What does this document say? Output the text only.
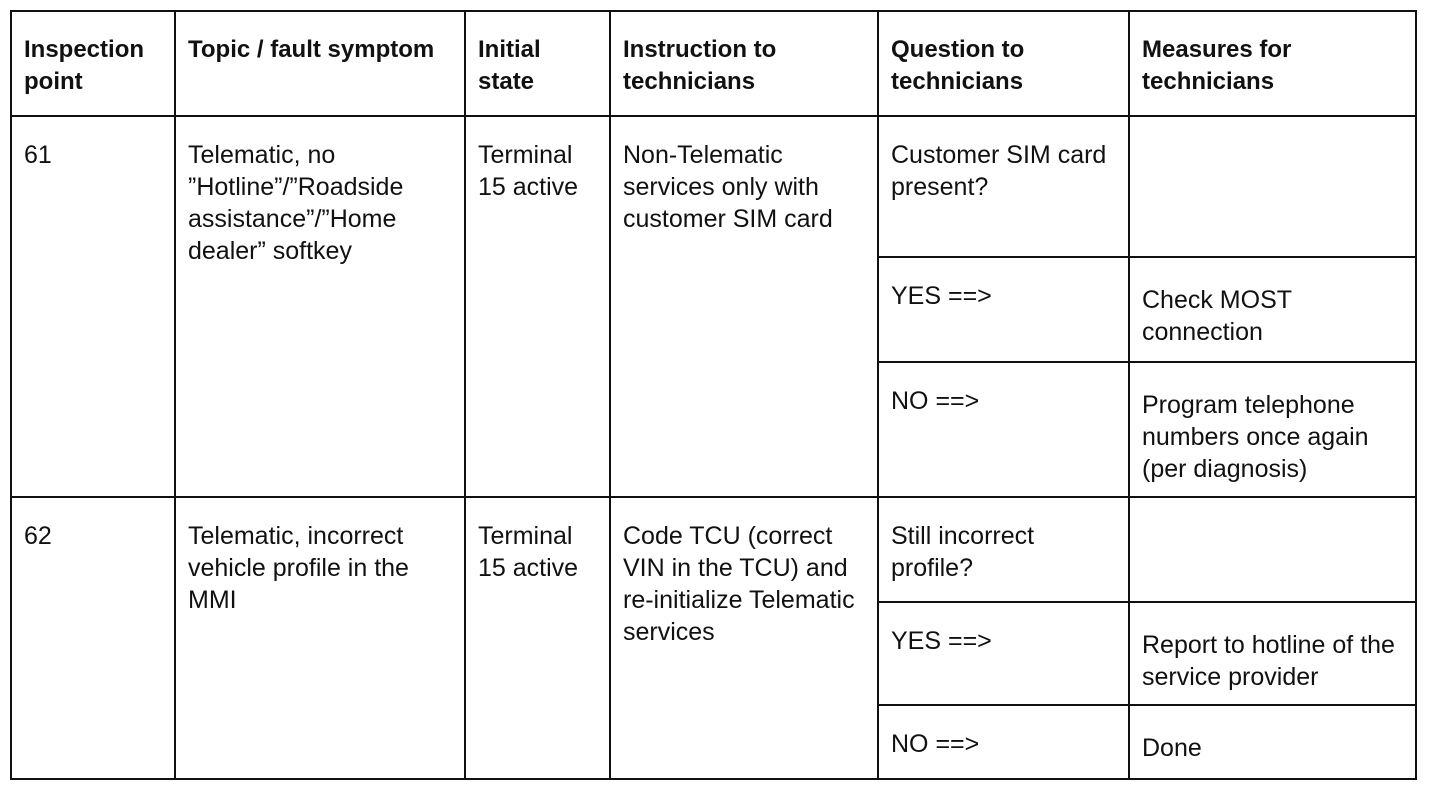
Inspection point	Topic / fault symptom	Initial state	Instruction to technicians	Question to technicians	Measures for technicians
61	Telematic, no ”Hotline”/”Roadside assistance”/”Home dealer” softkey	Terminal 15 active	Non-Telematic services only with customer SIM card	Customer SIM card present?	
				YES ==>	Check MOST connection
				NO ==>	Program telephone numbers once again (per diagnosis)
62	Telematic, incorrect vehicle profile in the MMI	Terminal 15 active	Code TCU (correct VIN in the TCU) and re-initialize Telematic services	Still incorrect profile?	
				YES ==>	Report to hotline of the service provider
				NO ==>	Done
